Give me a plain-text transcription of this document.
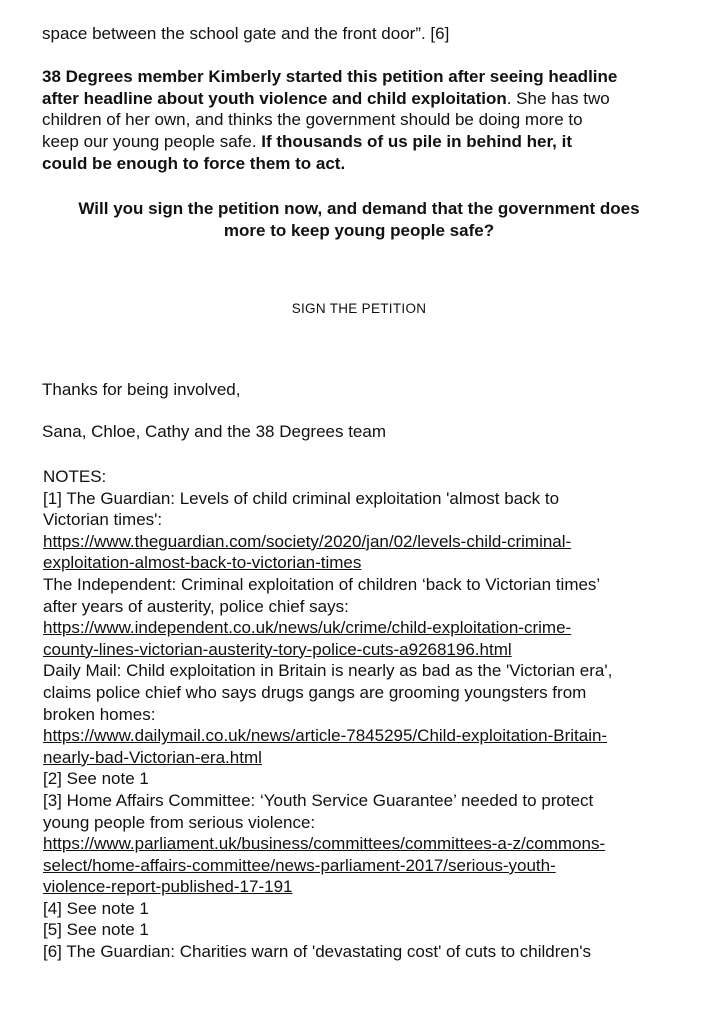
space between the school gate and the front door”. [6]
38 Degrees member Kimberly started this petition after seeing headline
after headline about youth violence and child exploitation. She has two
children of her own, and thinks the government should be doing more to
keep our young people safe. If thousands of us pile in behind her, it
could be enough to force them to act.
Will you sign the petition now, and demand that the government does
more to keep young people safe?
SIGN THE PETITION
Thanks for being involved,
Sana, Chloe, Cathy and the 38 Degrees team
NOTES:
[1] The Guardian: Levels of child criminal exploitation 'almost back to
Victorian times':
https://www.theguardian.com/society/2020/jan/02/levels-child-criminal-
exploitation-almost-back-to-victorian-times
The Independent: Criminal exploitation of children ‘back to Victorian times’
after years of austerity, police chief says:
https://www.independent.co.uk/news/uk/crime/child-exploitation-crime-
county-lines-victorian-austerity-tory-police-cuts-a9268196.html
Daily Mail: Child exploitation in Britain is nearly as bad as the 'Victorian era',
claims police chief who says drugs gangs are grooming youngsters from
broken homes:
https://www.dailymail.co.uk/news/article-7845295/Child-exploitation-Britain-
nearly-bad-Victorian-era.html
[2] See note 1
[3] Home Affairs Committee: ‘Youth Service Guarantee’ needed to protect
young people from serious violence:
https://www.parliament.uk/business/committees/committees-a-z/commons-
select/home-affairs-committee/news-parliament-2017/serious-youth-
violence-report-published-17-191
[4] See note 1
[5] See note 1
[6] The Guardian: Charities warn of 'devastating cost' of cuts to children's
